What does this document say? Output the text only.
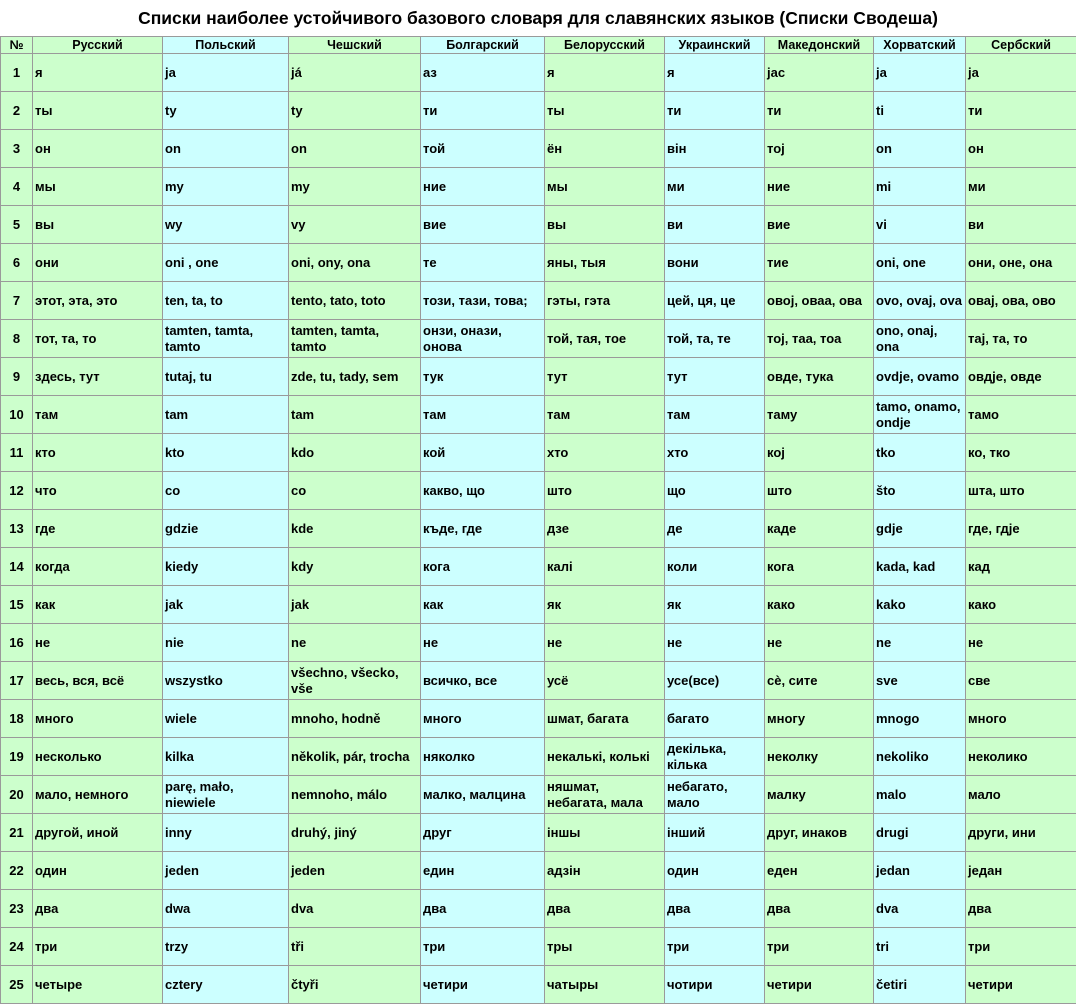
Списки наиболее устойчивого базового словаря для славянских языков (Списки Сводеша)
№	Русский	Польский	Чешский	Болгарский	Белорусский	Украинский	Македонский	Хорватский	Сербский
1	я	ja	já	аз	я	я	јас	ja	ја
2	ты	ty	ty	ти	ты	ти	ти	ti	ти
3	он	on	on	той	ён	він	тој	on	он
4	мы	my	my	ние	мы	ми	ние	mi	ми
5	вы	wy	vy	вие	вы	ви	вие	vi	ви
6	они	oni , one	oni, ony, ona	те	яны, тыя	вони	тие	oni, one	они, оне, она
7	этот, эта, это	ten, ta, to	tento, tato, toto	този, тази, това;	гэты, гэта	цей, ця, це	овој, оваа, ова	ovo, ovaj, ova	овај, ова, ово
8	тот, та, то	tamten, tamta, tamto	tamten, tamta, tamto	онзи, онази, онова	той, тая, тое	той, та, те	тој, таа, тоа	ono, onaj, ona	тај, та, то
9	здесь, тут	tutaj, tu	zde, tu, tady, sem	тук	тут	тут	овде, тука	ovdje, ovamo	овдје, овде
10	там	tam	tam	там	там	там	таму	tamo, onamo, ondje	тамо
11	кто	kto	kdo	кой	хто	хто	кој	tko	ко, тко
12	что	co	co	какво, що	што	що	што	što	шта, што
13	где	gdzie	kde	къде, где	дзе	де	каде	gdje	где, гдје
14	когда	kiedy	kdy	кога	калі	коли	кога	kada, kad	кад
15	как	jak	jak	как	як	як	како	kako	како
16	не	nie	ne	не	не	не	не	ne	не
17	весь, вся, всё	wszystko	všechno, všecko, vše	всичко, все	усё	усе(все)	сè, сите	sve	све
18	много	wiele	mnoho, hodně	много	шмат, багата	багато	многу	mnogo	много
19	несколько	kilka	několik, pár, trocha	няколко	некалькі, колькі	декілька, кілька	неколку	nekoliko	неколико
20	мало, немного	parę, mało, niewiele	nemnoho, málo	малко, малцина	няшмат, небагата, мала	небагато, мало	малку	malo	мало
21	другой, иной	inny	druhý, jiný	друг	іншы	інший	друг, инаков	drugi	други, ини
22	один	jeden	jeden	един	адзін	один	еден	jedan	један
23	два	dwa	dva	два	два	два	два	dva	два
24	три	trzy	tři	три	тры	три	три	tri	три
25	четыре	cztery	čtyři	четири	чатыры	чотири	четири	četiri	четири
